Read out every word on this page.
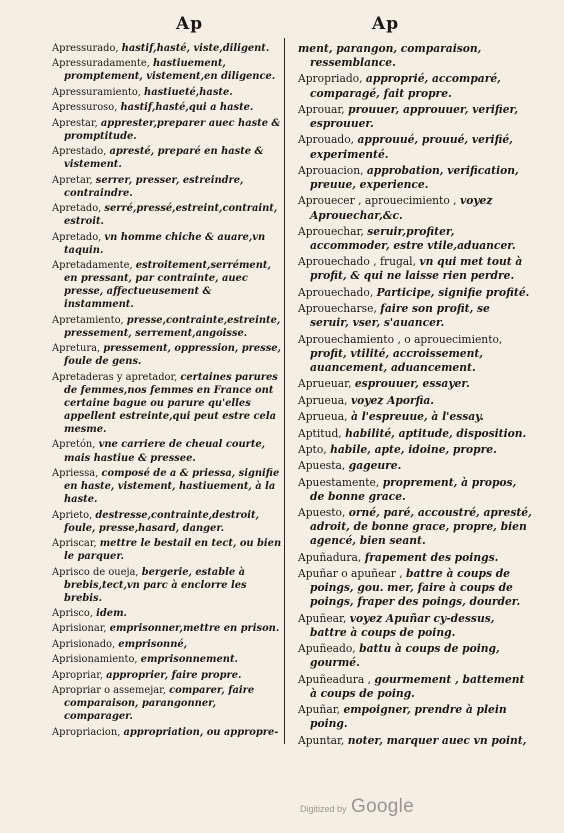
Ap	Ap
Apressurado, hastif,hasté, viste,diligent.
Apressuradamente, hastiuement, promptement, vistement,en diligence.
Apressuramiento, hastiueté,haste.
Apressuroso, hastif,hasté,qui a haste.
Aprestar, apprester,preparer auec haste & promptitude.
Aprestado, apresté, preparé en haste & vistement.
Apretar, serrer, presser, estreindre, contraindre.
Apretado, serré,pressé,estreint,contraint, estroit.
Apretado, vn homme chiche & auare,vn taquin.
Apretadamente, estroitement,serrément, en pressant, par contrainte, auec presse, affectueusement & instamment.
Apretamiento, presse,contrainte,estreinte, pressement, serrement,angoisse.
Apretura, pressement, oppression, presse, foule de gens.
Apretaderas y apretador, certaines parures de femmes,nos femmes en France ont certaine bague ou parure qu'elles appellent estreinte,qui peut estre cela mesme.
Apretón, vne carriere de cheual courte, mais hastiue & pressee.
Apriessa, composé de a & priessa, signifie en haste, vistement, hastiuement, à la haste.
Aprieto, destresse,contrainte,destroit, foule, presse,hasard, danger.
Apriscar, mettre le bestail en tect, ou bien le parquer.
Aprisco de oueja, bergerie, estable à brebis,tect,vn parc à enclorre les brebis.
Aprisco, idem.
Aprisionar, emprisonner,mettre en prison.
Aprisionado, emprisonné,
Aprisionamiento, emprisonnement.
Apropriar, approprier, faire propre.
Apropriar o assemejar, comparer, faire comparaison, parangonner, comparager.
Apropriacion, appropriation, ou appropre-
ment, parangon, comparaison, ressemblance.
Apropriado, approprié, accomparé, comparagé, fait propre.
Aprouar, prouuer, approuuer, verifier, esprouuer.
Aprouado, approuué, prouué, verifié, experimenté.
Aprouacion, approbation, verification, preuue, experience.
Aprouecer , aprouecimiento , voyez Aprouechar,&c.
Aprouechar, seruir,profiter, accommoder, estre vtile,aduancer.
Aprouechado , frugal, vn qui met tout à profit, & qui ne laisse rien perdre.
Aprouechado, Participe, signifie profité.
Aprouecharse, faire son profit, se seruir, vser, s'auancer.
Aprouechamiento , o aprouecimiento, profit, vtilité, accroissement, auancement, aduancement.
Aprueuar, esprouuer, essayer.
Aprueua, voyez Aporfia.
Aprueua, à l'espreuue, à l'essay.
Aptitud, habilité, aptitude, disposition.
Apto, habile, apte, idoine, propre.
Apuesta, gageure.
Apuestamente, proprement, à propos, de bonne grace.
Apuesto, orné, paré, accoustré, apresté, adroit, de bonne grace, propre, bien agencé, bien seant.
Apuñadura, frapement des poings.
Apuñar o apuñear , battre à coups de poings, gou. mer, faire à coups de poings, fraper des poings, dourder.
Apuñear, voyez Apuñar cy-dessus, battre à coups de poing.
Apuñeado, battu à coups de poing, gourmé.
Apuñeadura , gourmement , battement à coups de poing.
Apuñar, empoigner, prendre à plein poing.
Apuntar, noter, marquer auec vn point,
Digitized by Google
